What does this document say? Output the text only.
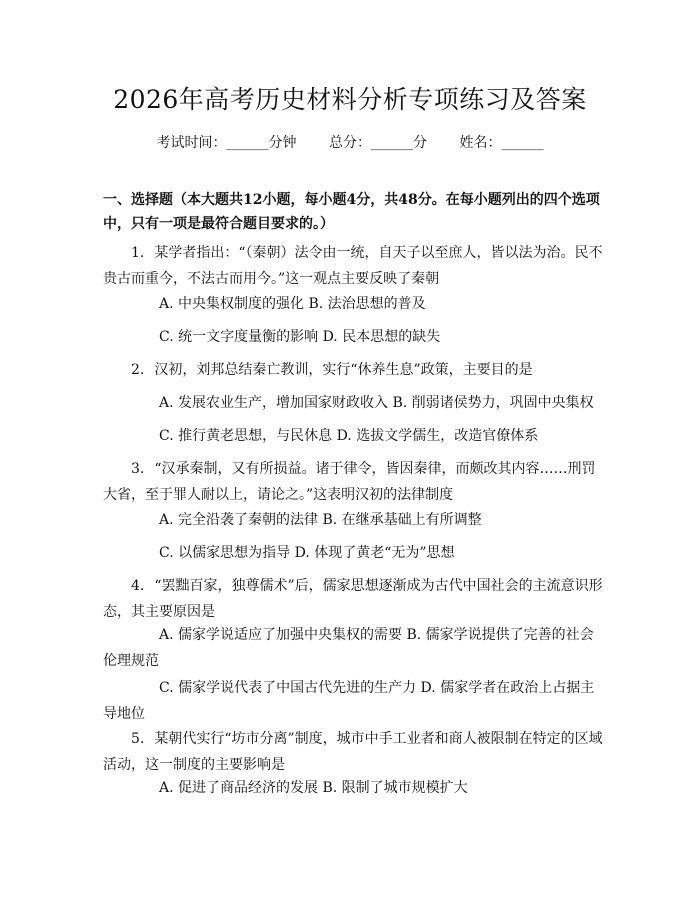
2026年高考历史材料分析专项练习及答案
考试时间：______分钟 总分：______分 姓名：______
一、选择题（本大题共12小题，每小题4分，共48分。在每小题列出的四个选项中，只有一项是最符合题目要求的。）
1. 某学者指出：“（秦朝）法令由一统，自天子以至庶人，皆以法为治。民不贵古而重今，不法古而用今。”这一观点主要反映了秦朝
A. 中央集权制度的强化 B. 法治思想的普及
C. 统一文字度量衡的影响 D. 民本思想的缺失
2. 汉初，刘邦总结秦亡教训，实行“休养生息”政策，主要目的是
A. 发展农业生产，增加国家财政收入 B. 削弱诸侯势力，巩固中央集权
C. 推行黄老思想，与民休息 D. 选拔文学儒生，改造官僚体系
3. “汉承秦制，又有所损益。诸于律令，皆因秦律，而颇改其内容……刑罚大省，至于罪人耐以上，请论之。”这表明汉初的法律制度
A. 完全沿袭了秦朝的法律 B. 在继承基础上有所调整
C. 以儒家思想为指导 D. 体现了黄老“无为”思想
4. “罢黜百家，独尊儒术”后，儒家思想逐渐成为古代中国社会的主流意识形态，其主要原因是
A. 儒家学说适应了加强中央集权的需要 B. 儒家学说提供了完善的社会伦理规范
C. 儒家学说代表了中国古代先进的生产力 D. 儒家学者在政治上占据主导地位
5. 某朝代实行“坊市分离”制度，城市中手工业者和商人被限制在特定的区域活动，这一制度的主要影响是
A. 促进了商品经济的发展 B. 限制了城市规模扩大
